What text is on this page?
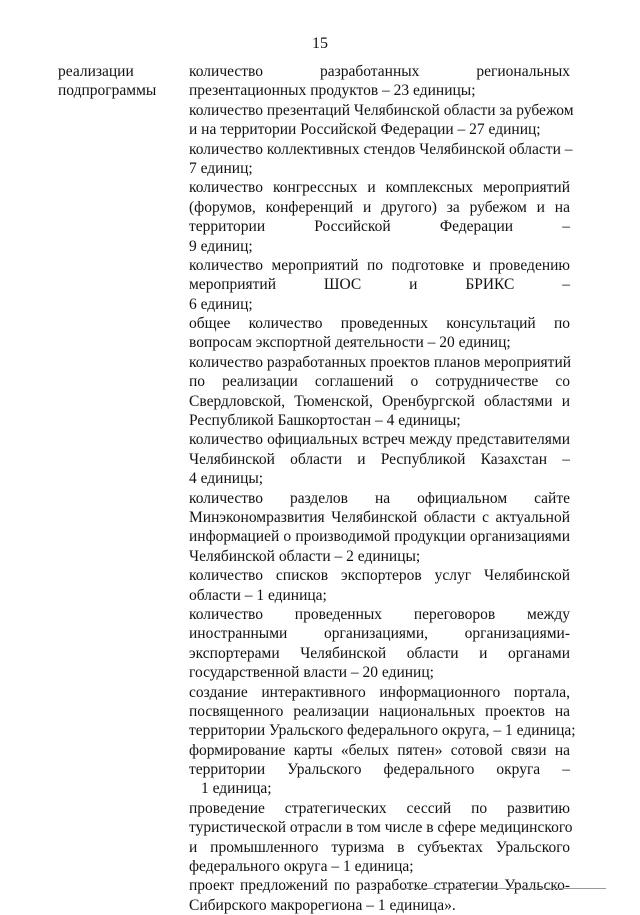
15
реализации
подпрограммы
количество разработанных региональных
презентационных продуктов – 23 единицы;
количество презентаций Челябинской области за рубежом
и на территории Российской Федерации – 27 единиц;
количество коллективных стендов Челябинской области –
7 единиц;
количество конгрессных и комплексных мероприятий
(форумов, конференций и другого) за рубежом и на
территории Российской Федерации –
9 единиц;
количество мероприятий по подготовке и проведению
мероприятий ШОС и БРИКС –
6 единиц;
общее количество проведенных консультаций по
вопросам экспортной деятельности – 20 единиц;
количество разработанных проектов планов мероприятий
по реализации соглашений о сотрудничестве со
Свердловской, Тюменской, Оренбургской областями и
Республикой Башкортостан – 4 единицы;
количество официальных встреч между представителями
Челябинской области и Республикой Казахстан –
4 единицы;
количество разделов на официальном сайте
Минэкономразвития Челябинской области с актуальной
информацией о производимой продукции организациями
Челябинской области – 2 единицы;
количество списков экспортеров услуг Челябинской
области – 1 единица;
количество проведенных переговоров между
иностранными организациями, организациями-
экспортерами Челябинской области и органами
государственной власти – 20 единиц;
создание интерактивного информационного портала,
посвященного реализации национальных проектов на
территории Уральского федерального округа, – 1 единица;
формирование карты «белых пятен» сотовой связи на
территории Уральского федерального округа –
1 единица;
проведение стратегических сессий по развитию
туристической отрасли в том числе в сфере медицинского
и промышленного туризма в субъектах Уральского
федерального округа – 1 единица;
проект предложений по разработке стратегии Уральско-
Сибирского макрорегиона – 1 единица».
